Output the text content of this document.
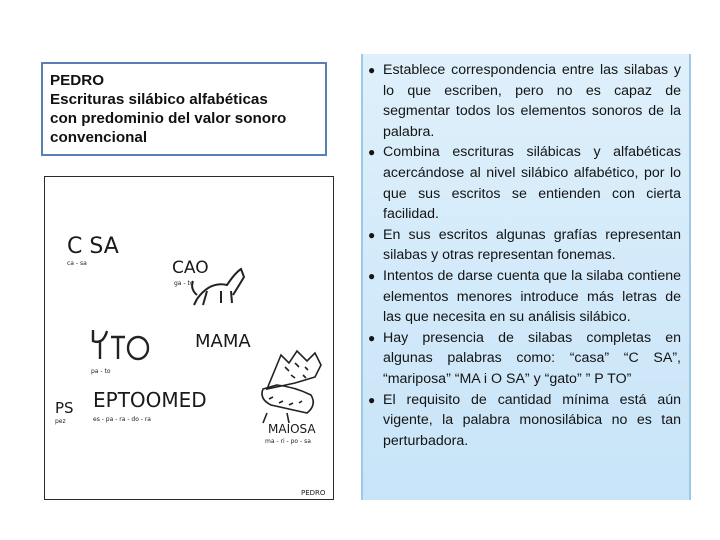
PEDRO
Escrituras silábico alfabéticas
con predominio del valor sonoro
convencional
C SA
ca - sa	CAO
ga - to
pa - to
MAMA
EPTOOMED
es - pa - ra - do - ra
PS
pez
MAIOSA
ma - ri - po - sa
PEDRO
● Establece correspondencia entre las silabas y lo que escriben, pero no es capaz de segmentar todos los elementos sonoros de la palabra.
● Combina escrituras silábicas y alfabéticas acercándose al nivel silábico alfabético, por lo que sus escritos se entienden con cierta facilidad.
● En sus escritos algunas grafías representan silabas y otras representan fonemas.
● Intentos de darse cuenta que la silaba contiene elementos menores introduce más letras de las que necesita en su análisis silábico.
● Hay presencia de silabas completas en algunas palabras como: “casa” “C SA”, “mariposa” “MA i O SA” y “gato” ” P TO”
● El requisito de cantidad mínima está aún vigente, la palabra monosilábica no es tan perturbadora.
